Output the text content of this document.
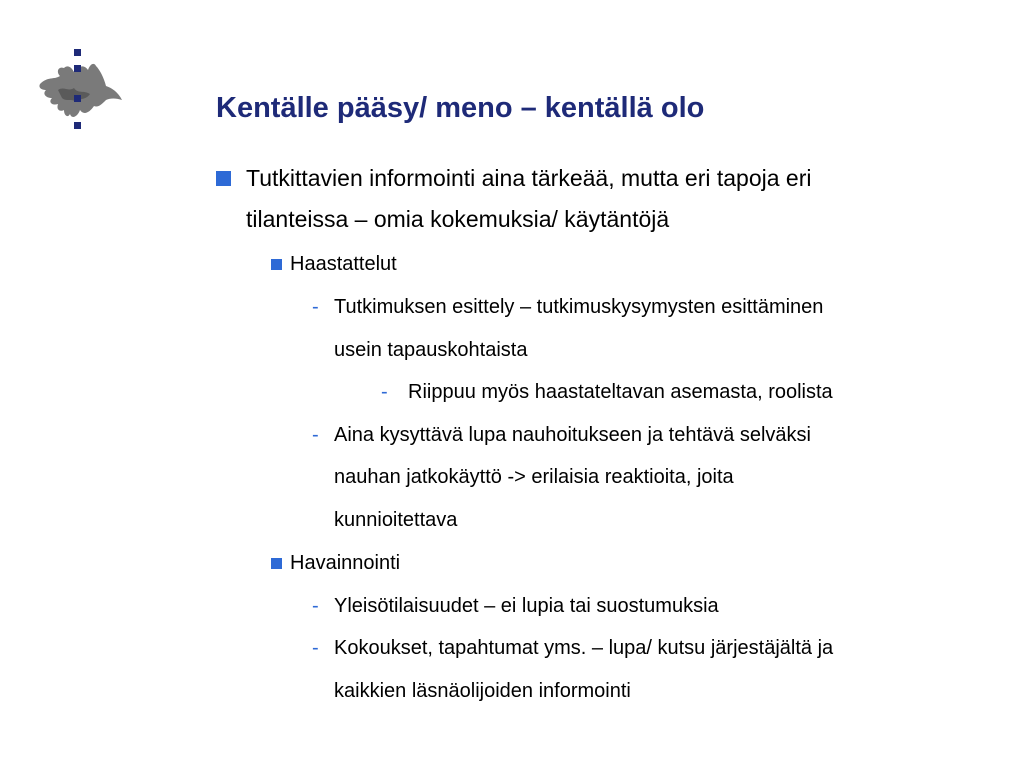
Kentälle pääsy/ meno – kentällä olo
Tutkittavien informointi aina tärkeää, mutta eri tapoja eri
tilanteissa – omia kokemuksia/ käytäntöjä
Haastattelut
- Tutkimuksen esittely – tutkimuskysymysten esittäminen
usein tapauskohtaista
- Riippuu myös haastateltavan asemasta, roolista
- Aina kysyttävä lupa nauhoitukseen ja tehtävä selväksi
nauhan jatkokäyttö -> erilaisia reaktioita, joita
kunnioitettava
Havainnointi
- Yleisötilaisuudet – ei lupia tai suostumuksia
- Kokoukset, tapahtumat yms. – lupa/ kutsu järjestäjältä ja
kaikkien läsnäolijoiden informointi
